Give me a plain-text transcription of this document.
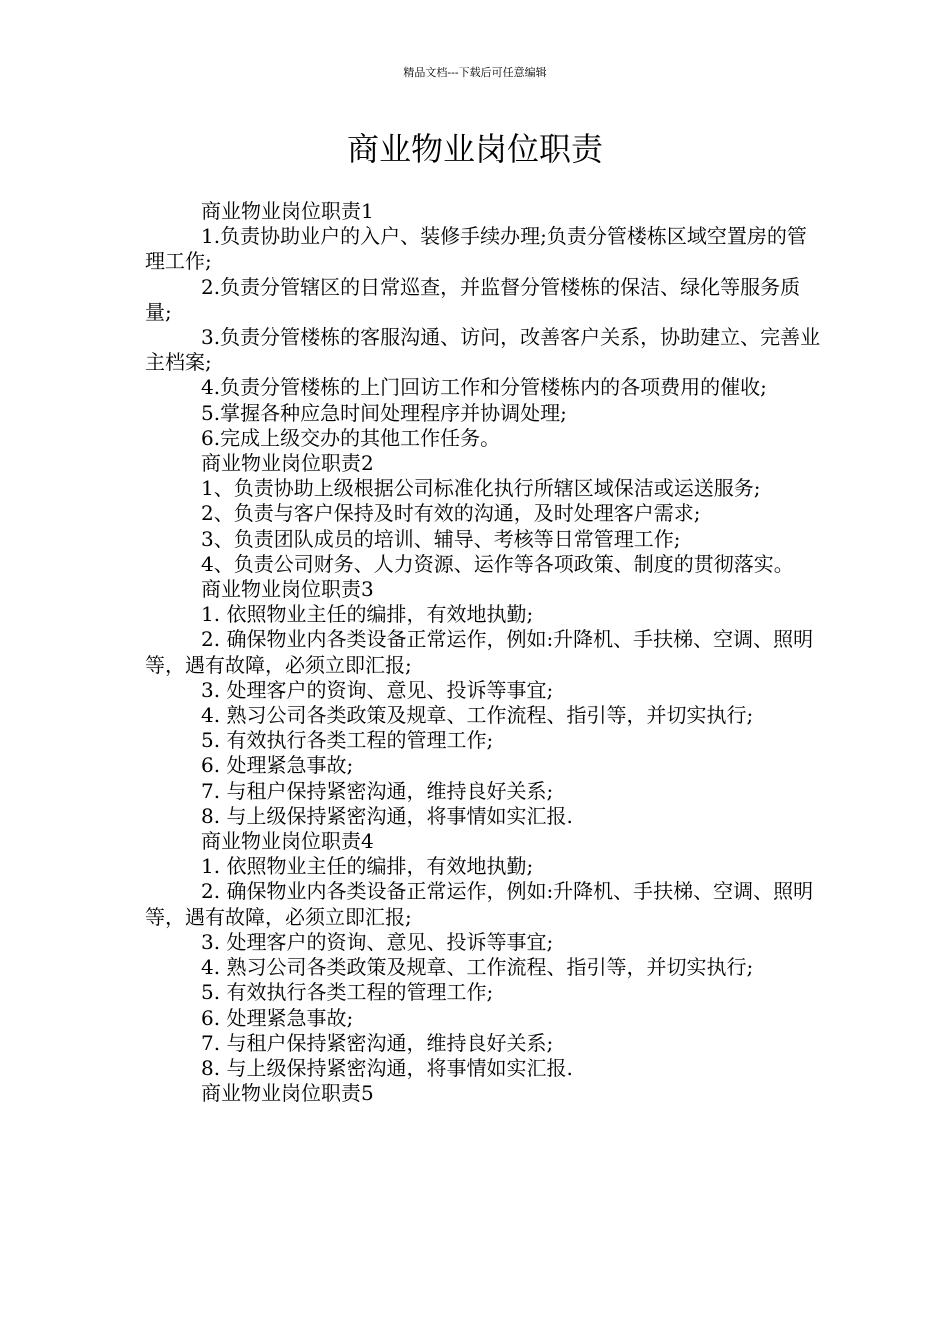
精品文档---下载后可任意编辑
商业物业岗位职责

商业物业岗位职责1

1.负责协助业户的入户、装修手续办理;负责分管楼栋区域空置房的管理工作;

2.负责分管辖区的日常巡查，并监督分管楼栋的保洁、绿化等服务质量;

3.负责分管楼栋的客服沟通、访问，改善客户关系，协助建立、完善业主档案;

4.负责分管楼栋的上门回访工作和分管楼栋内的各项费用的催收;

5.掌握各种应急时间处理程序并协调处理;

6.完成上级交办的其他工作任务。

商业物业岗位职责2

1、负责协助上级根据公司标准化执行所辖区域保洁或运送服务;

2、负责与客户保持及时有效的沟通，及时处理客户需求;

3、负责团队成员的培训、辅导、考核等日常管理工作;

4、负责公司财务、人力资源、运作等各项政策、制度的贯彻落实。

商业物业岗位职责3

1. 依照物业主任的编排，有效地执勤;

2. 确保物业内各类设备正常运作，例如:升降机、手扶梯、空调、照明等，遇有故障，必须立即汇报;

3. 处理客户的资询、意见、投诉等事宜;

4. 熟习公司各类政策及规章、工作流程、指引等，并切实执行;

5. 有效执行各类工程的管理工作;

6. 处理紧急事故;

7. 与租户保持紧密沟通，维持良好关系;

8. 与上级保持紧密沟通，将事情如实汇报.

商业物业岗位职责4

1. 依照物业主任的编排，有效地执勤;

2. 确保物业内各类设备正常运作，例如:升降机、手扶梯、空调、照明等，遇有故障，必须立即汇报;

3. 处理客户的资询、意见、投诉等事宜;

4. 熟习公司各类政策及规章、工作流程、指引等，并切实执行;

5. 有效执行各类工程的管理工作;

6. 处理紧急事故;

7. 与租户保持紧密沟通，维持良好关系;

8. 与上级保持紧密沟通，将事情如实汇报.

商业物业岗位职责5
